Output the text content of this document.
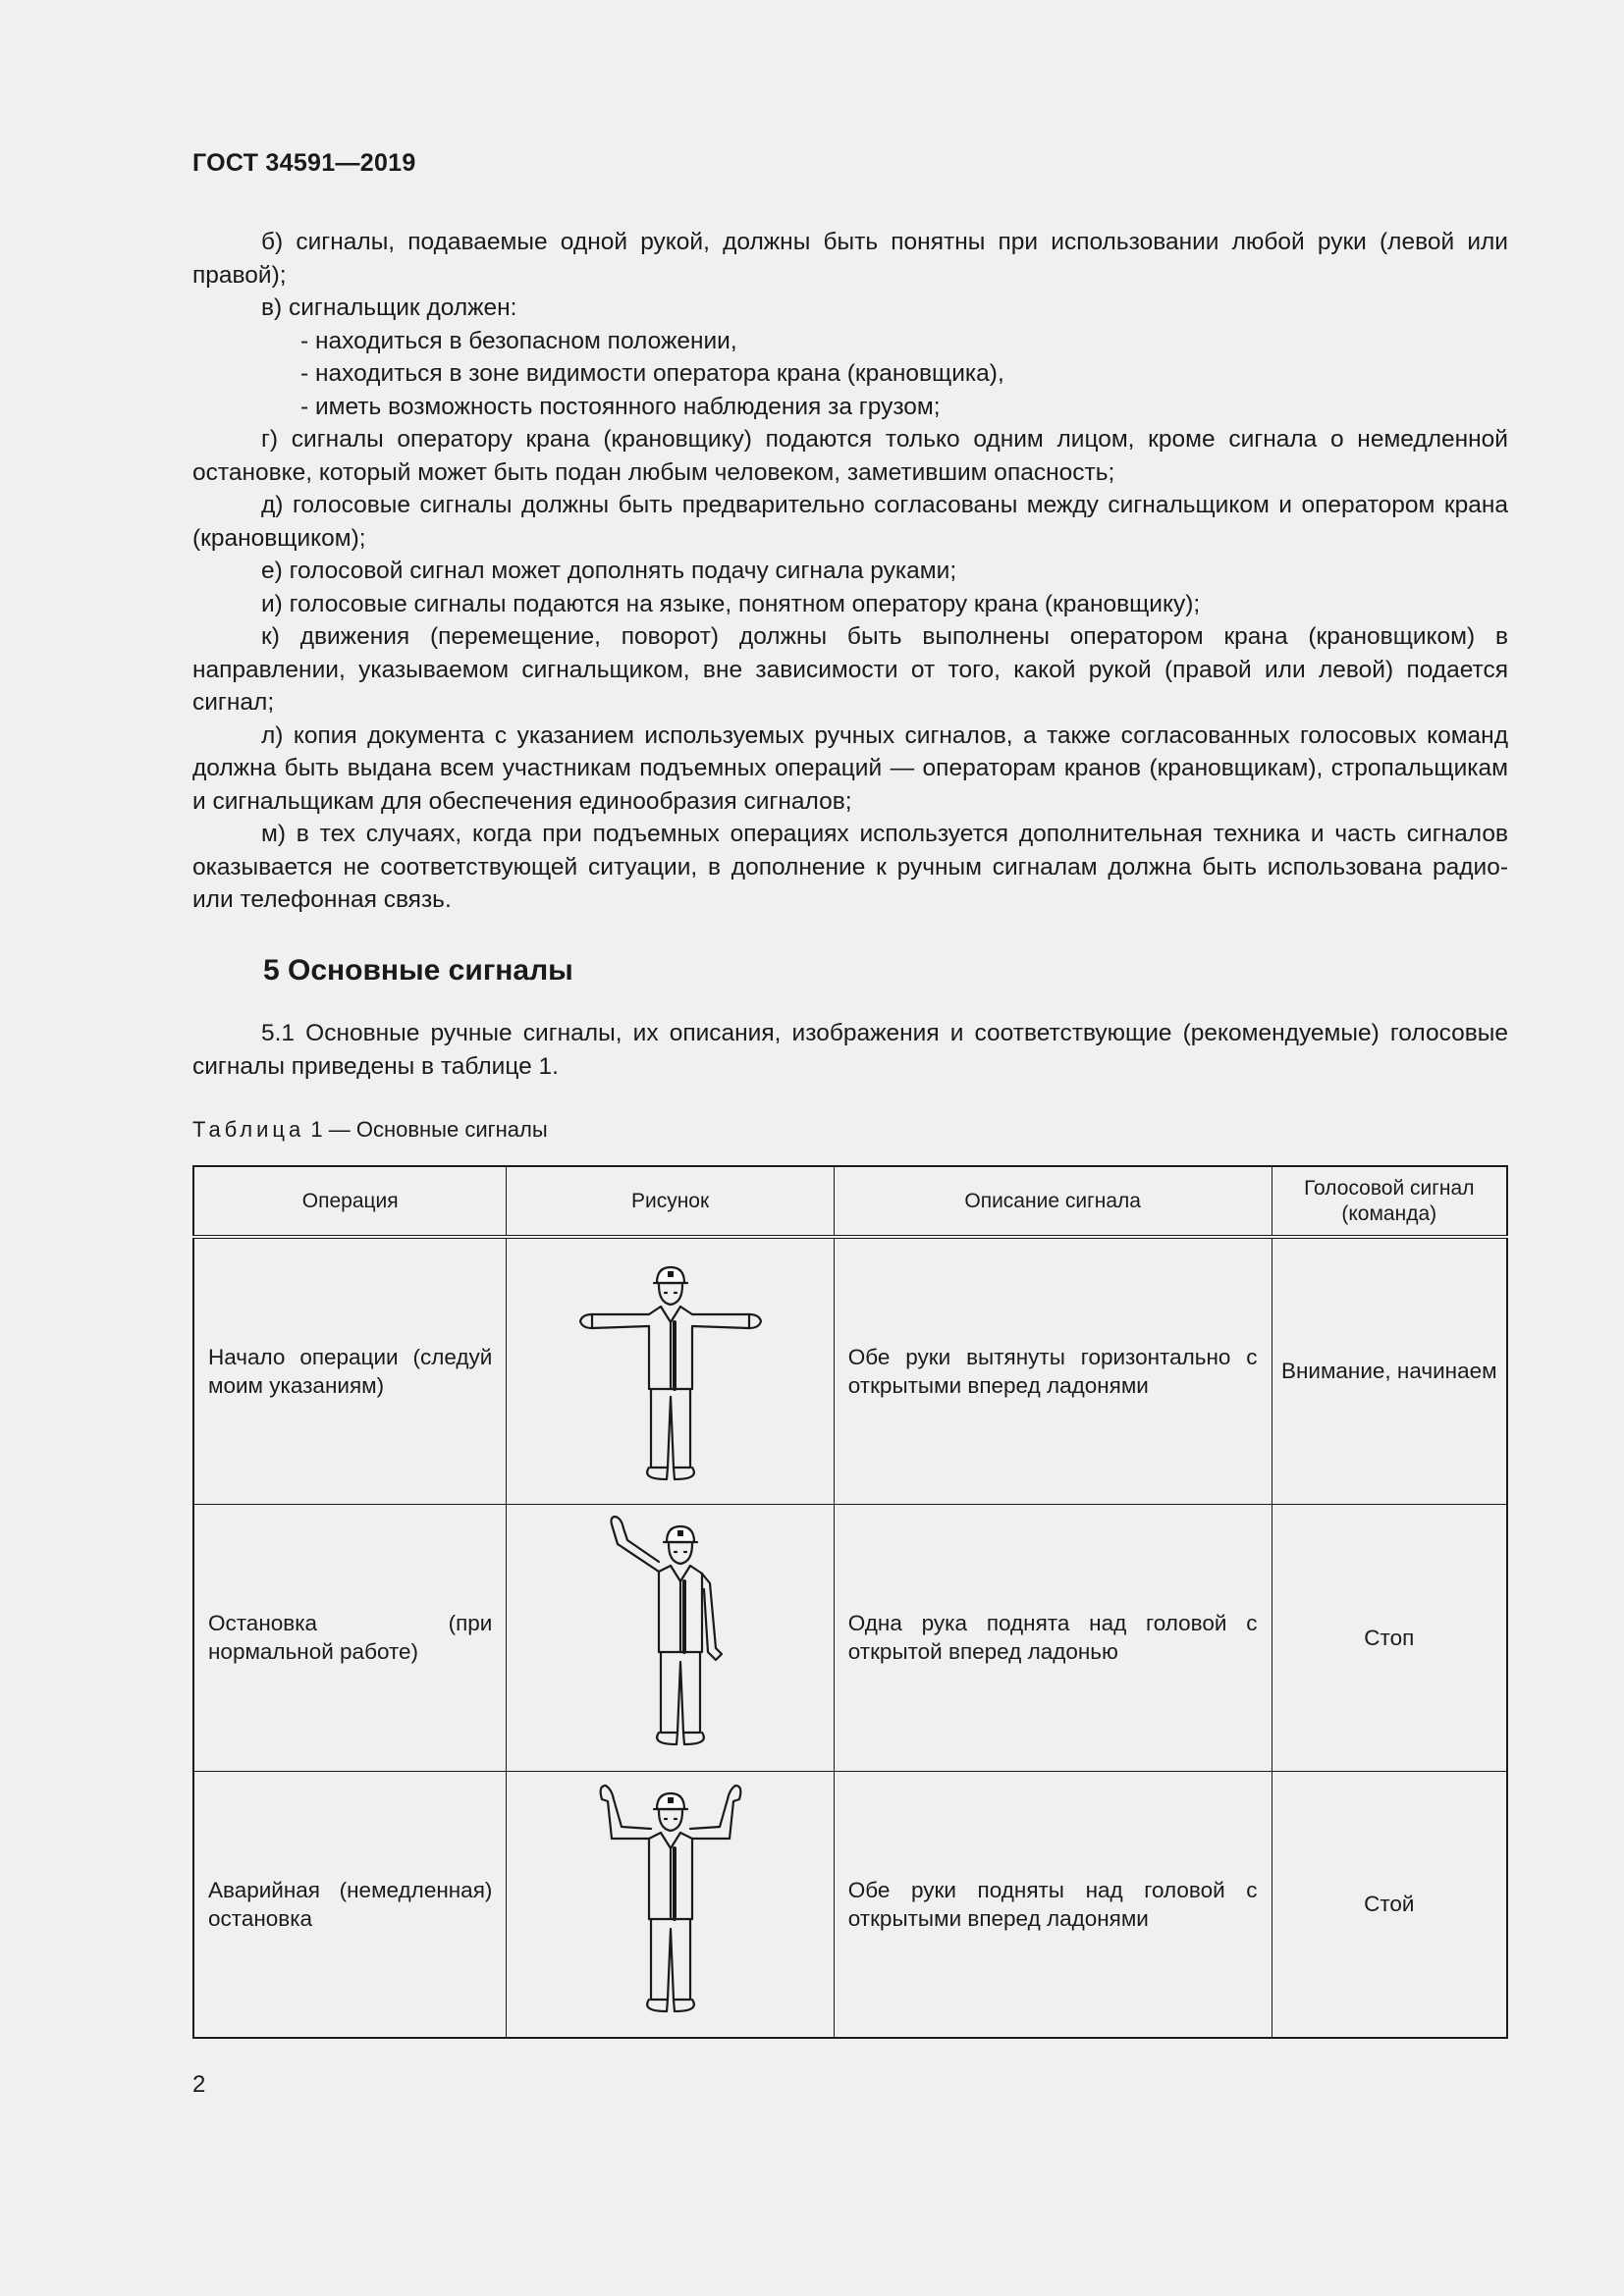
ГОСТ 34591—2019

б) сигналы, подаваемые одной рукой, должны быть понятны при использовании любой руки (левой или правой);

в) сигнальщик должен:

- находиться в безопасном положении,

- находиться в зоне видимости оператора крана (крановщика),

- иметь возможность постоянного наблюдения за грузом;

г) сигналы оператору крана (крановщику) подаются только одним лицом, кроме сигнала о немедленной остановке, который может быть подан любым человеком, заметившим опасность;

д) голосовые сигналы должны быть предварительно согласованы между сигнальщиком и оператором крана (крановщиком);

е) голосовой сигнал может дополнять подачу сигнала руками;

и) голосовые сигналы подаются на языке, понятном оператору крана (крановщику);

к) движения (перемещение, поворот) должны быть выполнены оператором крана (крановщиком) в направлении, указываемом сигнальщиком, вне зависимости от того, какой рукой (правой или левой) подается сигнал;

л) копия документа с указанием используемых ручных сигналов, а также согласованных голосовых команд должна быть выдана всем участникам подъемных операций — операторам кранов (крановщикам), стропальщикам и сигнальщикам для обеспечения единообразия сигналов;

м) в тех случаях, когда при подъемных операциях используется дополнительная техника и часть сигналов оказывается не соответствующей ситуации, в дополнение к ручным сигналам должна быть использована радио- или телефонная связь.

5 Основные сигналы

5.1 Основные ручные сигналы, их описания, изображения и соответствующие (рекомендуемые) голосовые сигналы приведены в таблице 1.

Таблица 1 — Основные сигналы
Операция	Рисунок	Описание сигнала	Голосовой сигнал (команда)
Начало операции (следуй моим указаниям)		Обе руки вытянуты горизонтально с открытыми вперед ладонями	Внимание, начинаем
Остановка (при нормальной работе)		Одна рука поднята над головой с открытой вперед ладонью	Стоп
Аварийная (немедленная) остановка		Обе руки подняты над головой с открытыми вперед ладонями	Стой
2
